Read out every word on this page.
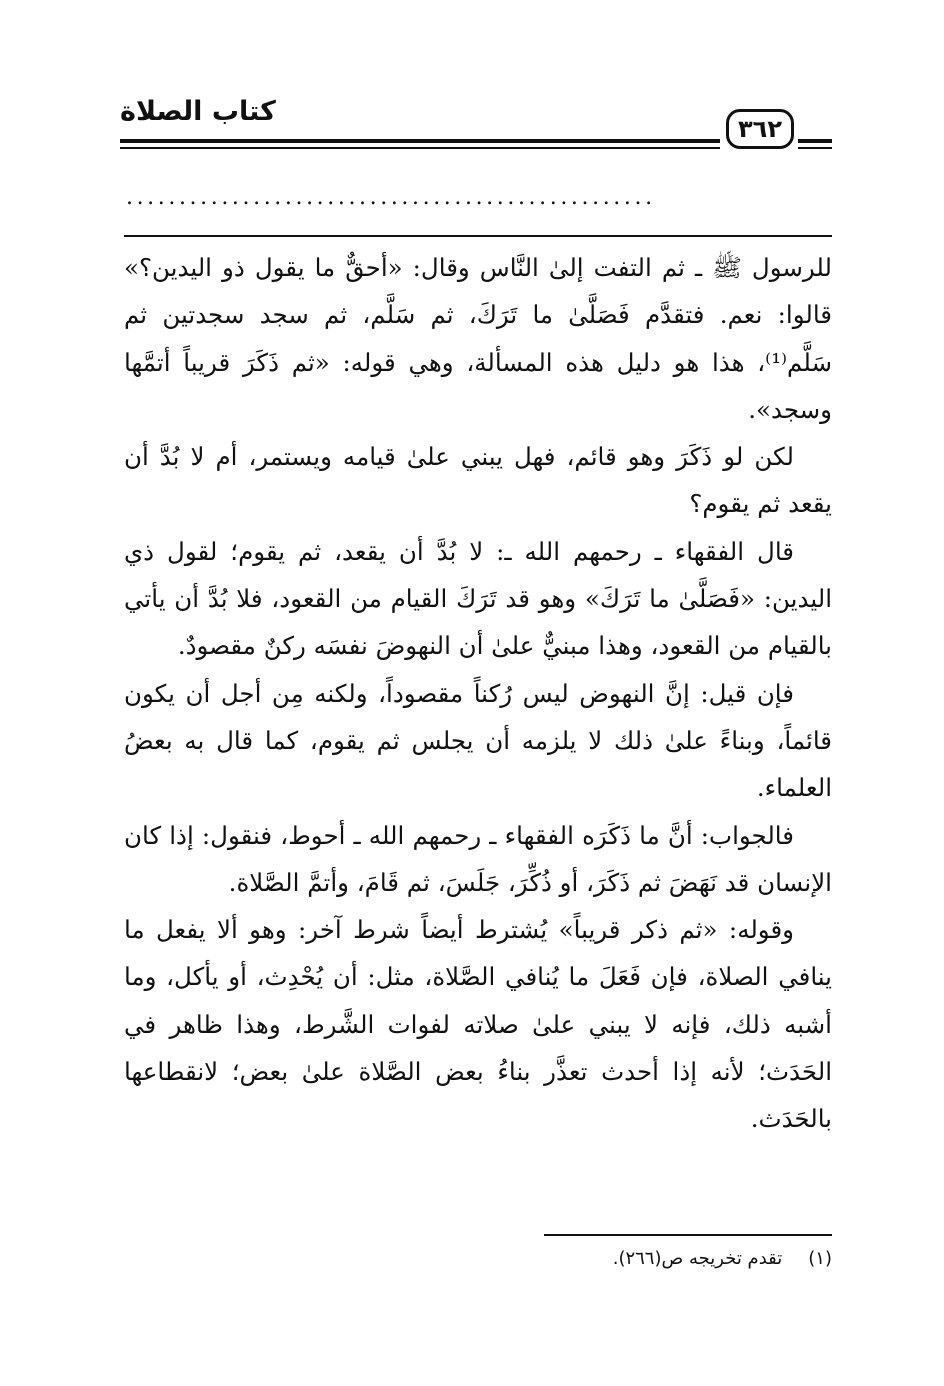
كتاب الصلاة
٣٦٢
..................................................

للرسول ﷺ ـ ثم التفت إلىٰ النَّاس وقال: «أحقٌّ ما يقول ذو اليدين؟» قالوا: نعم. فتقدَّم فَصَلَّىٰ ما تَرَكَ، ثم سَلَّم، ثم سجد سجدتين ثم سَلَّم⁽¹⁾، هذا هو دليل هذه المسألة، وهي قوله: «ثم ذَكَرَ قريباً أتمَّها وسجد».

لكن لو ذَكَرَ وهو قائم، فهل يبني علىٰ قيامه ويستمر، أم لا بُدَّ أن يقعد ثم يقوم؟

قال الفقهاء ـ رحمهم الله ـ: لا بُدَّ أن يقعد، ثم يقوم؛ لقول ذي اليدين: «فَصَلَّىٰ ما تَرَكَ» وهو قد تَرَكَ القيام من القعود، فلا بُدَّ أن يأتي بالقيام من القعود، وهذا مبنيٌّ علىٰ أن النهوضَ نفسَه ركنٌ مقصودٌ.

فإن قيل: إنَّ النهوض ليس رُكناً مقصوداً، ولكنه مِن أجل أن يكون قائماً، وبناءً علىٰ ذلك لا يلزمه أن يجلس ثم يقوم، كما قال به بعضُ العلماء.

فالجواب: أنَّ ما ذَكَرَه الفقهاء ـ رحمهم الله ـ أحوط، فنقول: إذا كان الإنسان قد نَهَضَ ثم ذَكَرَ، أو ذُكِّرَ، جَلَسَ، ثم قَامَ، وأتمَّ الصَّلاة.

وقوله: «ثم ذكر قريباً» يُشترط أيضاً شرط آخر: وهو ألا يفعل ما ينافي الصلاة، فإن فَعَلَ ما يُنافي الصَّلاة، مثل: أن يُحْدِث، أو يأكل، وما أشبه ذلك، فإنه لا يبني علىٰ صلاته لفوات الشَّرط، وهذا ظاهر في الحَدَث؛ لأنه إذا أحدث تعذَّر بناءُ بعض الصَّلاة علىٰ بعض؛ لانقطاعها بالحَدَث.

(١)تقدم تخريجه ص(٢٦٦).
